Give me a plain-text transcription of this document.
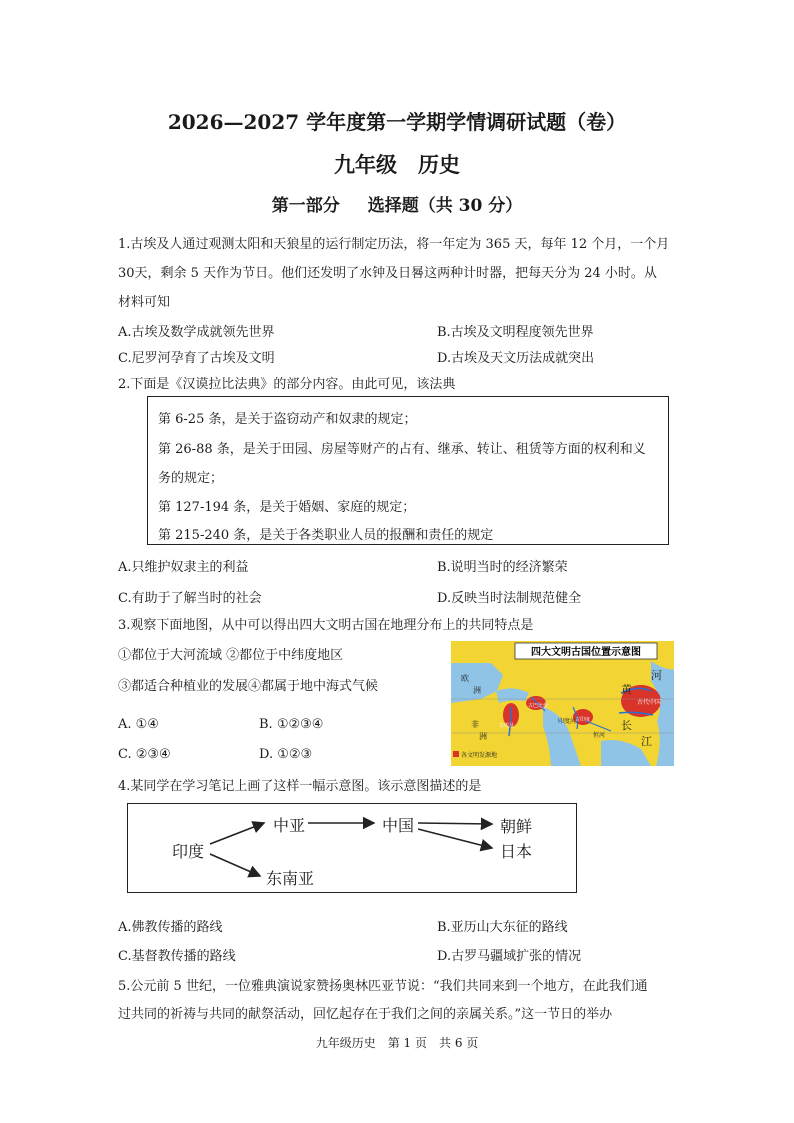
2026—2027 学年度第一学期学情调研试题（卷）
九年级　历史
第一部分 选择题（共 30 分）
1.古埃及人通过观测太阳和天狼星的运行制定历法，将一年定为 365 天，每年 12 个月，一个月
30天，剩余 5 天作为节日。他们还发明了水钟及日晷这两种计时器，把每天分为 24 小时。从
材料可知
A.古埃及数学成就领先世界	B.古埃及文明程度领先世界
C.尼罗河孕育了古埃及文明	D.古埃及天文历法成就突出
2.下面是《汉谟拉比法典》的部分内容。由此可见，该法典
第 6-25 条，是关于盗窃动产和奴隶的规定；
第 26-88 条，是关于田园、房屋等财产的占有、继承、转让、租赁等方面的权利和义
务的规定；
第 127-194 条，是关于婚姻、家庭的规定；
第 215-240 条，是关于各类职业人员的报酬和责任的规定
A.只维护奴隶主的利益	B.说明当时的经济繁荣
C.有助于了解当时的社会	D.反映当时法制规范健全
3.观察下面地图，从中可以得出四大文明古国在地理分布上的共同特点是
①都位于大河流域 ②都位于中纬度地区
③都适合种植业的发展④都属于地中海式气候
A. ①④	B. ①②③④
C. ②③④	D. ①②③
四大文明古国位置示意图
欧
洲
非
洲
古埃及
古巴比伦
印度河
古印度
恒河
黄
河
长
江
古代中国
各文明发源地
4.某同学在学习笔记上画了这样一幅示意图。该示意图描述的是
印度
中亚	中国	朝鲜
日本
东南亚
A.佛教传播的路线	B.亚历山大东征的路线
C.基督教传播的路线	D.古罗马疆域扩张的情况
5.公元前 5 世纪，一位雅典演说家赞扬奥林匹亚节说：“我们共同来到一个地方，在此我们通
过共同的祈祷与共同的献祭活动，回忆起存在于我们之间的亲属关系。”这一节日的举办
九年级历史　第 1 页　共 6 页
